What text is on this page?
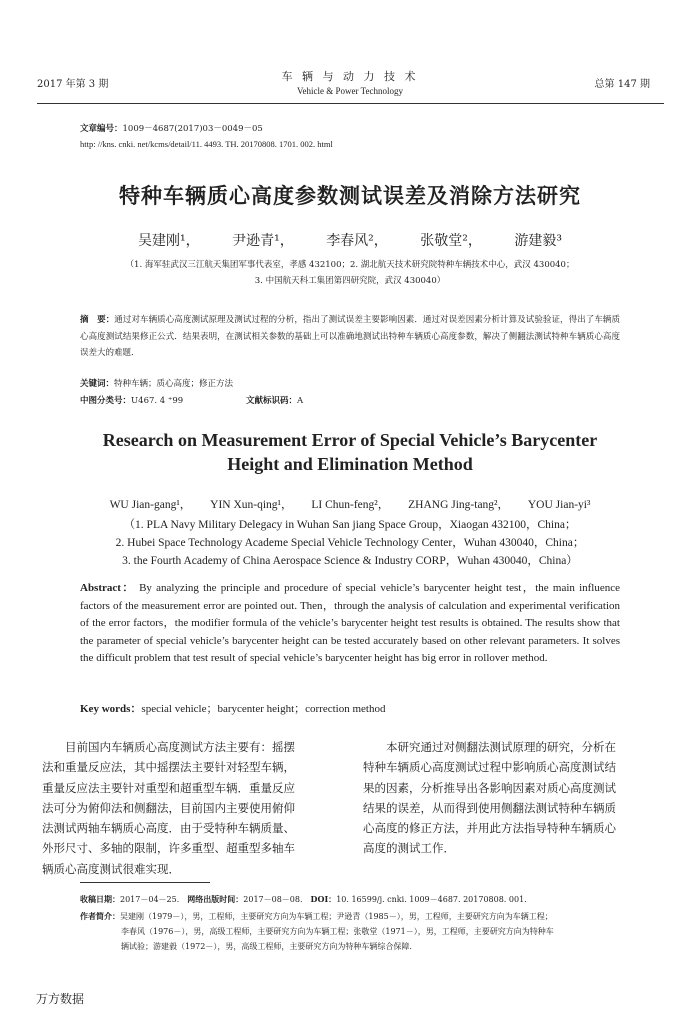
2017 年第 3 期
车 辆 与 动 力 技 术
Vehicle & Power Technology
总第 147 期
文章编号：1009－4687(2017)03－0049－05
http: //kns. cnki. net/kcms/detail/11. 4493. TH. 20170808. 1701. 002. html
特种车辆质心高度参数测试误差及消除方法研究
吴建刚¹， 尹逊青¹， 李春风²， 张敬堂²， 游建毅³
（1. 海军驻武汉三江航天集团军事代表室，孝感 432100；2. 湖北航天技术研究院特种车辆技术中心，武汉 430040；
3. 中国航天科工集团第四研究院，武汉 430040）
摘　要：通过对车辆质心高度测试原理及测试过程的分析，指出了测试误差主要影响因素．通过对误差因素分析计算及试验验证，得出了车辆质心高度测试结果修正公式．结果表明，在测试相关参数的基础上可以准确地测试出特种车辆质心高度参数，解决了侧翻法测试特种车辆质心高度误差大的难题．
关键词：特种车辆；质心高度；修正方法
中图分类号：U467. 4 ⁺99	文献标识码：A
Research on Measurement Error of Special Vehicle’s Barycenter
Height and Elimination Method
WU Jian-gang¹， YIN Xun-qing¹， LI Chun-feng²， ZHANG Jing-tang²， YOU Jian-yi³
（1. PLA Navy Military Delegacy in Wuhan San jiang Space Group，Xiaogan 432100，China；
2. Hubei Space Technology Academe Special Vehicle Technology Center，Wuhan 430040，China；
3. the Fourth Academy of China Aerospace Science & Industry CORP，Wuhan 430040，China）
Abstract： By analyzing the principle and procedure of special vehicle’s barycenter height test，the main influence factors of the measurement error are pointed out. Then，through the analysis of calculation and experimental verification of the error factors，the modifier formula of the vehicle’s barycenter height test results is obtained. The results show that the parameter of special vehicle’s barycenter height can be tested accurately based on other relevant parameters. It solves the difficult problem that test result of special vehicle’s barycenter height has big error in rollover method.
Key words：special vehicle；barycenter height；correction method
　　目前国内车辆质心高度测试方法主要有：摇摆
法和重量反应法，其中摇摆法主要针对轻型车辆，
重量反应法主要针对重型和超重型车辆．重量反应
法可分为俯仰法和侧翻法，目前国内主要使用俯仰
法测试两轴车辆质心高度．由于受特种车辆质量、
外形尺寸、多轴的限制，许多重型、超重型多轴车
辆质心高度测试很难实现．
　　本研究通过对侧翻法测试原理的研究，分析在
特种车辆质心高度测试过程中影响质心高度测试结
果的因素，分析推导出各影响因素对质心高度测试
结果的误差，从而得到使用侧翻法测试特种车辆质
心高度的修正方法，并用此方法指导特种车辆质心
高度的测试工作．
收稿日期：2017－04－25． 网络出版时间：2017－08－08． DOI：10. 16599/j. cnki. 1009－4687. 20170808. 001.
作者简介：吴建刚（1979－），男，工程师，主要研究方向为车辆工程；尹逊青（1985－），男，工程师，主要研究方向为车辆工程；
李春风（1976－），男，高级工程师，主要研究方向为车辆工程；张敬堂（1971－），男，工程师，主要研究方向为特种车
辆试验；游建毅（1972－），男，高级工程师，主要研究方向为特种车辆综合保障.
万方数据
